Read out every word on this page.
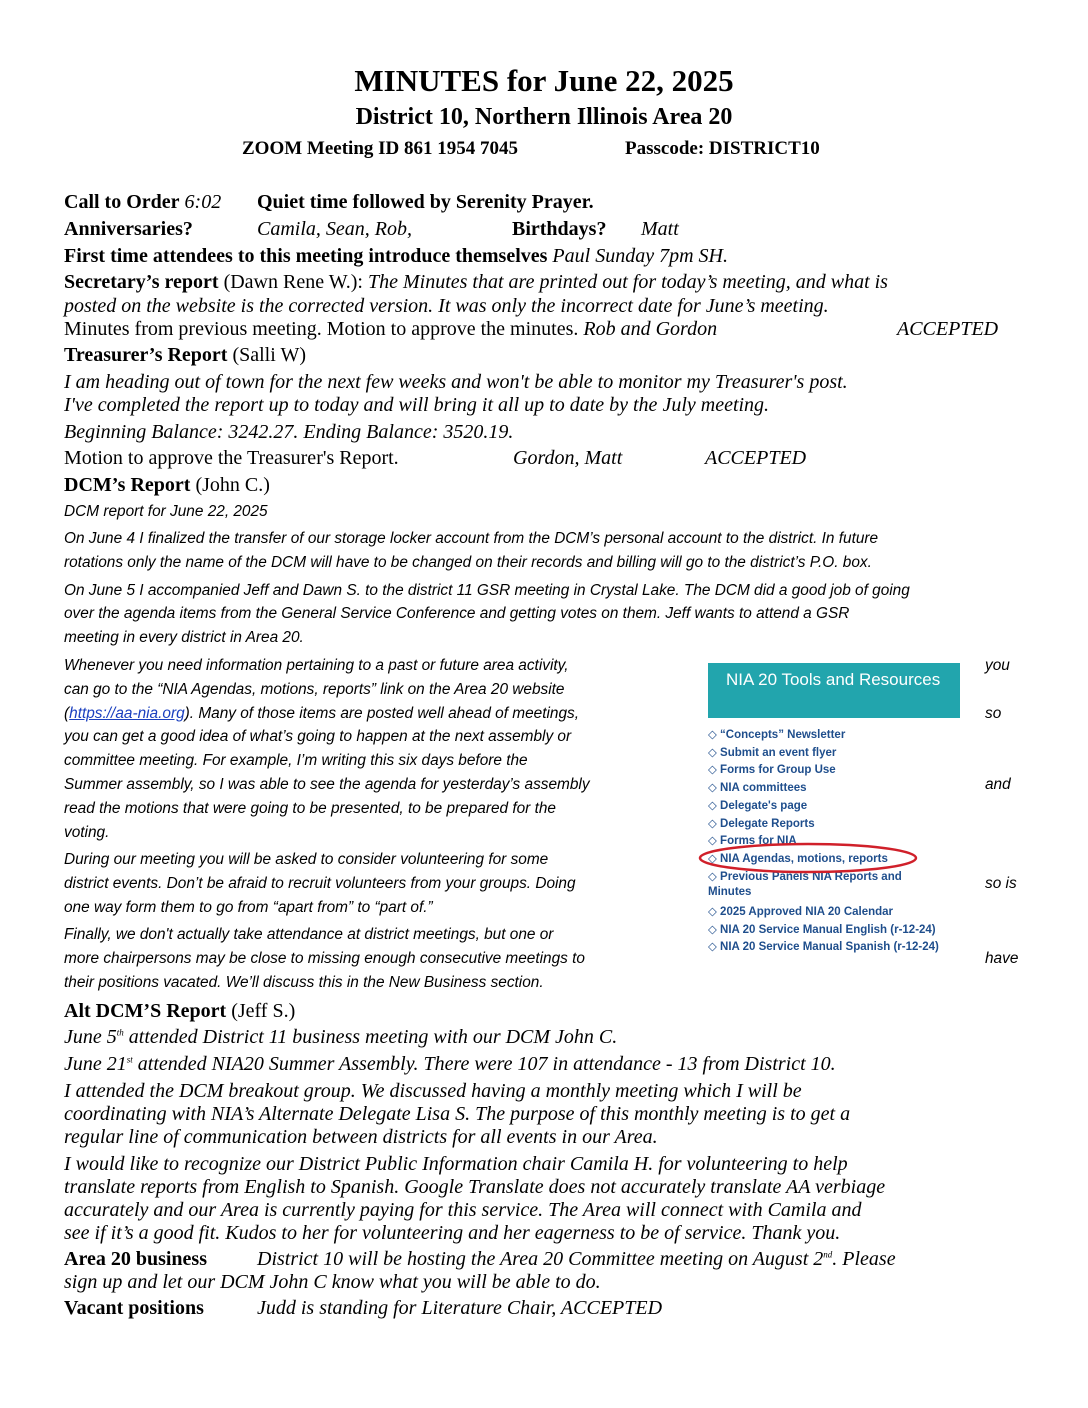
MINUTES for June 22, 2025
District 10, Northern Illinois Area 20
ZOOM Meeting ID 861 1954 7045	Passcode: DISTRICT10
Call to Order 6:02 Quiet time followed by Serenity Prayer.
Anniversaries?	Camila, Sean, Rob,	Birthdays? Matt
First time attendees to this meeting introduce themselves Paul Sunday 7pm SH.
Secretary’s report (Dawn Rene W.): The Minutes that are printed out for today’s meeting, and what is
posted on the website is the corrected version. It was only the incorrect date for June’s meeting.
Minutes from previous meeting. Motion to approve the minutes. Rob and Gordon	ACCEPTED
Treasurer’s Report (Salli W)
I am heading out of town for the next few weeks and won't be able to monitor my Treasurer's post.
I've completed the report up to today and will bring it all up to date by the July meeting.
Beginning Balance: 3242.27. Ending Balance: 3520.19.
Motion to approve the Treasurer's Report.	Gordon, Matt	ACCEPTED
DCM’s Report (John C.)
DCM report for June 22, 2025
On June 4 I finalized the transfer of our storage locker account from the DCM’s personal account to the district. In future
rotations only the name of the DCM will have to be changed on their records and billing will go to the district’s P.O. box.
On June 5 I accompanied Jeff and Dawn S. to the district 11 GSR meeting in Crystal Lake. The DCM did a good job of going
over the agenda items from the General Service Conference and getting votes on them. Jeff wants to attend a GSR
meeting in every district in Area 20.
Whenever you need information pertaining to a past or future area activity,
can go to the “NIA Agendas, motions, reports” link on the Area 20 website
(https://aa-nia.org). Many of those items are posted well ahead of meetings,
you can get a good idea of what’s going to happen at the next assembly or
committee meeting. For example, I’m writing this six days before the
Summer assembly, so I was able to see the agenda for yesterday’s assembly
read the motions that were going to be presented, to be prepared for the
voting.
During our meeting you will be asked to consider volunteering for some
district events. Don’t be afraid to recruit volunteers from your groups. Doing
one way form them to go from “apart from” to “part of.”
Finally, we don't actually take attendance at district meetings, but one or
more chairpersons may be close to missing enough consecutive meetings to
their positions vacated. We’ll discuss this in the New Business section.
you
so
and
so is
have
NIA 20 Tools and Resources
◇ “Concepts” Newsletter
◇ Submit an event flyer
◇ Forms for Group Use
◇ NIA committees
◇ Delegate's page
◇ Delegate Reports
◇ Forms for NIA
◇ NIA Agendas, motions, reports
◇ Previous Panels NIA Reports and
Minutes
◇ 2025 Approved NIA 20 Calendar
◇ NIA 20 Service Manual English (r-12-24)
◇ NIA 20 Service Manual Spanish (r-12-24)
Alt DCM’S Report (Jeff S.)
June 5th attended District 11 business meeting with our DCM John C.
June 21st attended NIA20 Summer Assembly. There were 107 in attendance - 13 from District 10.
I attended the DCM breakout group. We discussed having a monthly meeting which I will be
coordinating with NIA’s Alternate Delegate Lisa S. The purpose of this monthly meeting is to get a
regular line of communication between districts for all events in our Area.
I would like to recognize our District Public Information chair Camila H. for volunteering to help
translate reports from English to Spanish. Google Translate does not accurately translate AA verbiage
accurately and our Area is currently paying for this service. The Area will connect with Camila and
see if it’s a good fit. Kudos to her for volunteering and her eagerness to be of service. Thank you.
Area 20 business	District 10 will be hosting the Area 20 Committee meeting on August 2nd. Please
sign up and let our DCM John C know what you will be able to do.
Vacant positions	Judd is standing for Literature Chair, ACCEPTED
